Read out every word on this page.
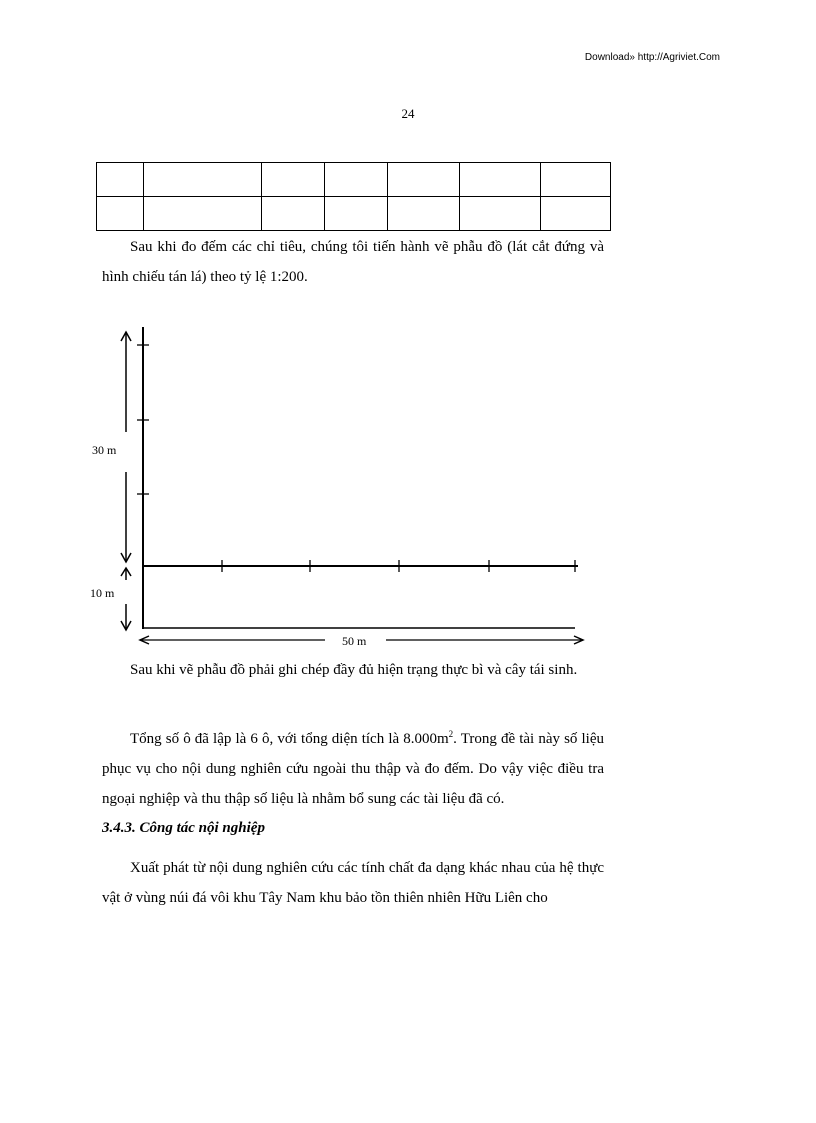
Download» http://Agriviet.Com
24

Sau khi đo đếm các chỉ tiêu, chúng tôi tiến hành vẽ phẫu đồ (lát cắt đứng và hình chiếu tán lá) theo tỷ lệ 1:200.
30 m
10 m
50 m
Sau khi vẽ phẫu đồ phải ghi chép đầy đủ hiện trạng thực bì và cây tái sinh.
Tổng số ô đã lập là 6 ô, với tổng diện tích là $8.000m^2$. Trong đề tài này số liệu phục vụ cho nội dung nghiên cứu ngoài thu thập và đo đếm. Do vậy việc điều tra ngoại nghiệp và thu thập số liệu là nhằm bổ sung các tài liệu đã có.
3.4.3. Công tác nội nghiệp
Xuất phát từ nội dung nghiên cứu các tính chất đa dạng khác nhau của hệ thực vật ở vùng núi đá vôi khu Tây Nam khu bảo tồn thiên nhiên Hữu Liên cho
